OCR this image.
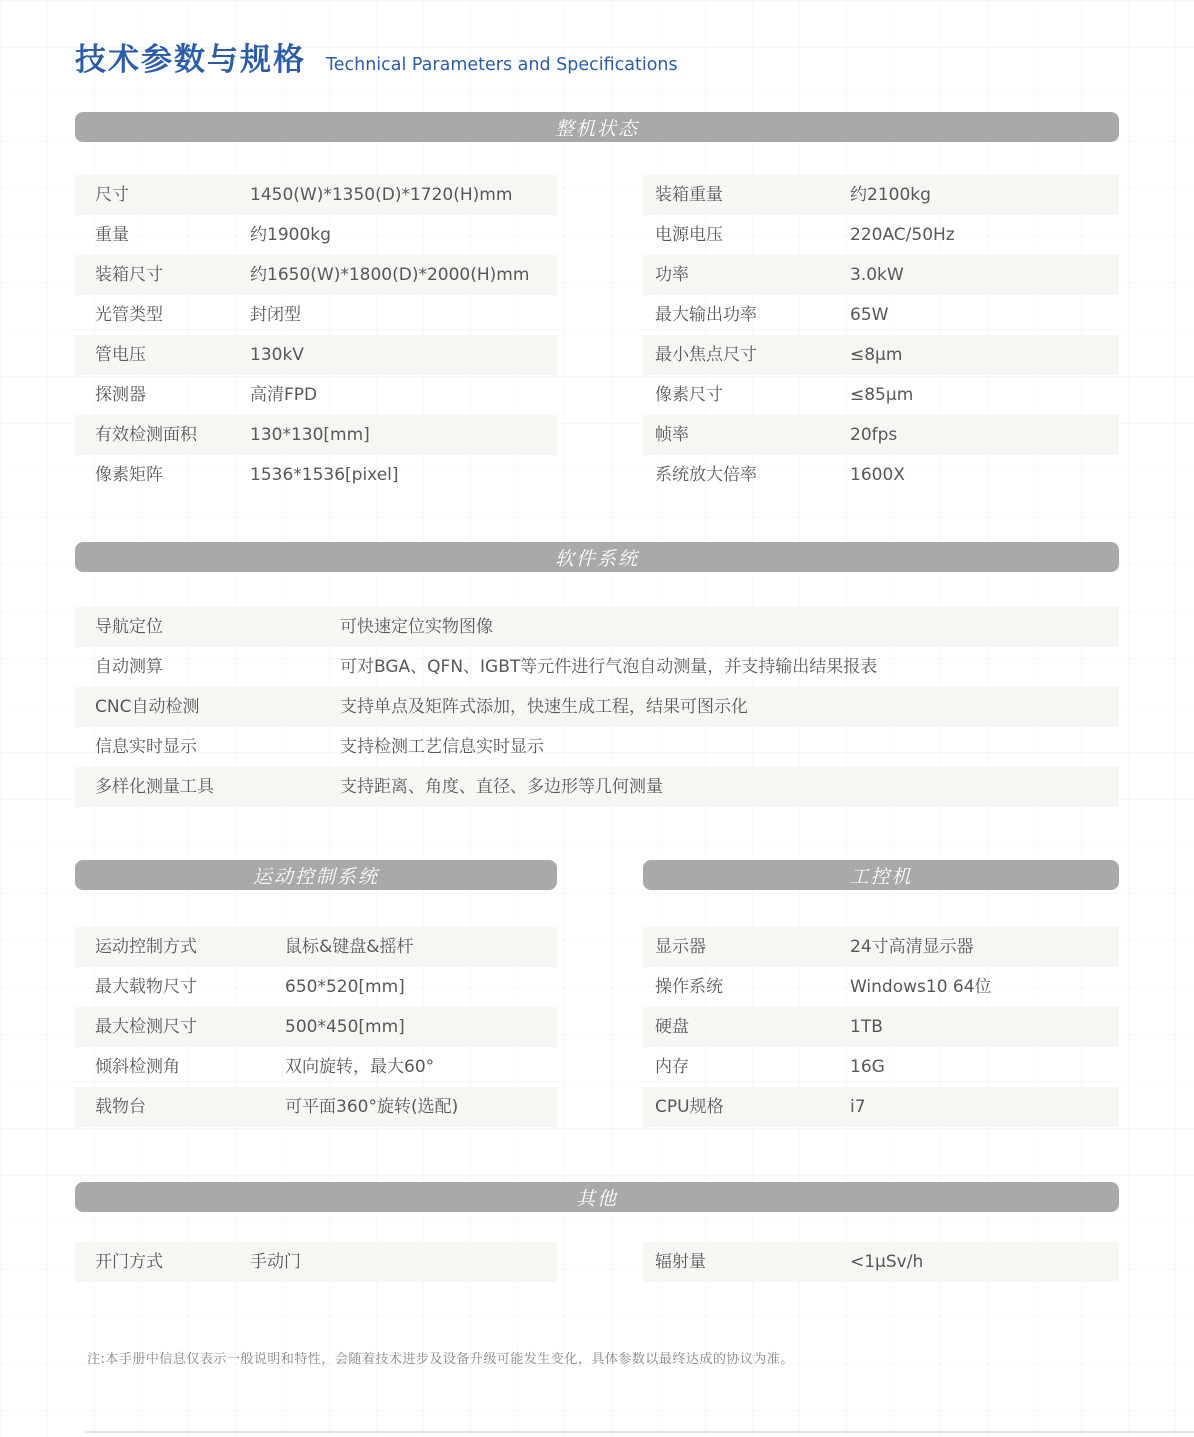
技术参数与规格 Technical Parameters and Specifications
整机状态
尺寸	1450(W)*1350(D)*1720(H)mm
重量	约1900kg
装箱尺寸	约1650(W)*1800(D)*2000(H)mm
光管类型	封闭型
管电压	130kV
探测器	高清FPD
有效检测面积	130*130[mm]
像素矩阵	1536*1536[pixel]
装箱重量	约2100kg
电源电压	220AC/50Hz
功率	3.0kW
最大输出功率	65W
最小焦点尺寸	≤8μm
像素尺寸	≤85μm
帧率	20fps
系统放大倍率	1600X
软件系统
导航定位	可快速定位实物图像
自动测算	可对BGA、QFN、IGBT等元件进行气泡自动测量，并支持输出结果报表
CNC自动检测	支持单点及矩阵式添加，快速生成工程，结果可图示化
信息实时显示	支持检测工艺信息实时显示
多样化测量工具	支持距离、角度、直径、多边形等几何测量
运动控制系统	工控机
运动控制方式	鼠标&键盘&摇杆
最大载物尺寸	650*520[mm]
最大检测尺寸	500*450[mm]
倾斜检测角	双向旋转，最大60°
载物台	可平面360°旋转(选配)
显示器	24寸高清显示器
操作系统	Windows10 64位
硬盘	1TB
内存	16G
CPU规格	i7
其他
开门方式	手动门	辐射量	<1μSv/h
注:本手册中信息仅表示一般说明和特性，会随着技术进步及设备升级可能发生变化，具体参数以最终达成的协议为准。
